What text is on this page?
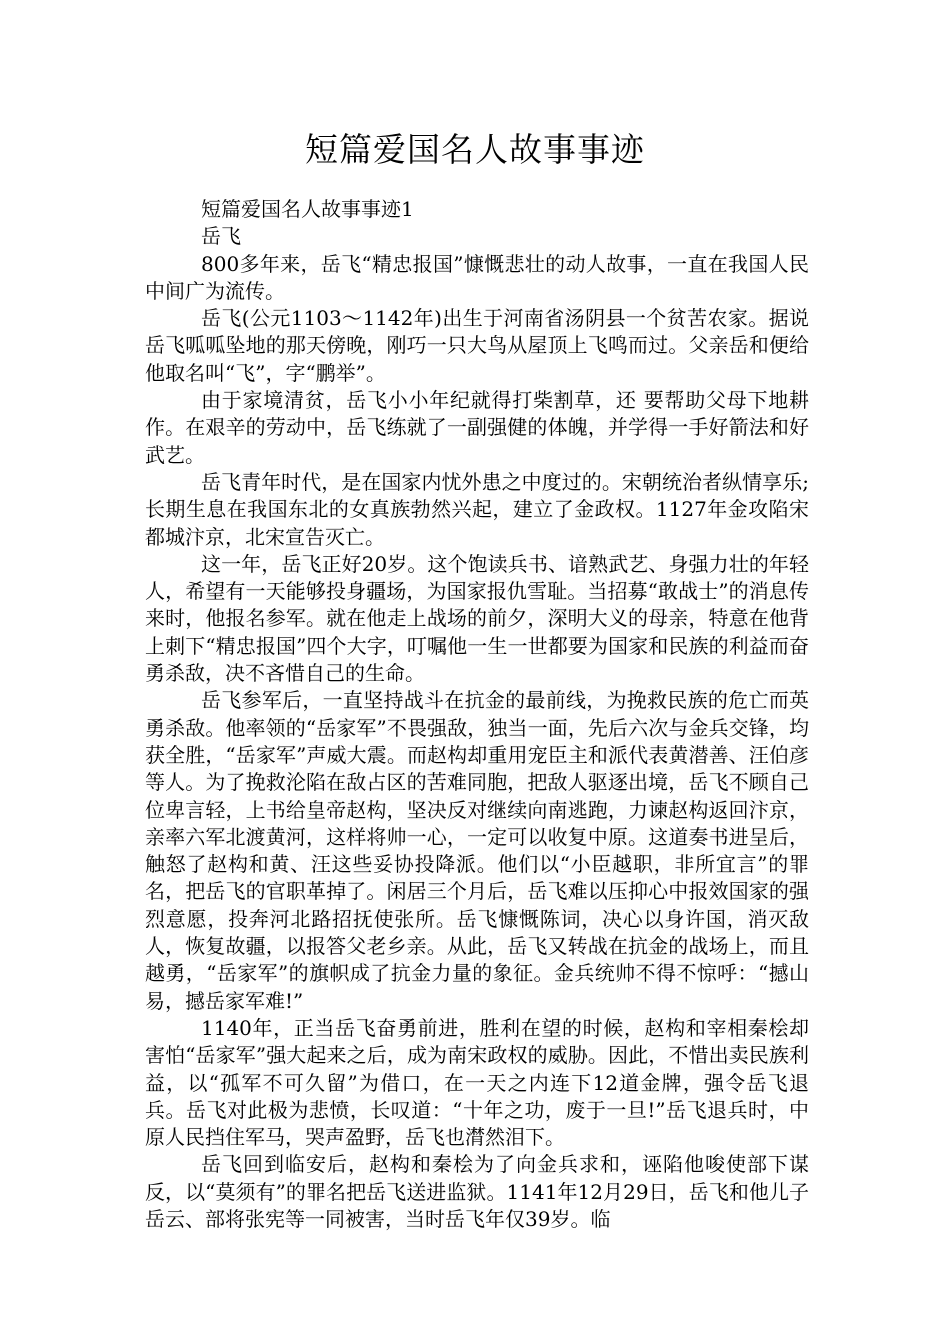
短篇爱国名人故事事迹

短篇爱国名人故事事迹1

岳飞

800多年来，岳飞“精忠报国”慷慨悲壮的动人故事，一直在我国人民中间广为流传。

岳飞(公元1103～1142年)出生于河南省汤阴县一个贫苦农家。据说岳飞呱呱坠地的那天傍晚，刚巧一只大鸟从屋顶上飞鸣而过。父亲岳和便给他取名叫“飞”，字“鹏举”。

由于家境清贫，岳飞小小年纪就得打柴割草，还 要帮助父母下地耕作。在艰辛的劳动中，岳飞练就了一副强健的体魄，并学得一手好箭法和好武艺。

岳飞青年时代，是在国家内忧外患之中度过的。宋朝统治者纵情享乐;长期生息在我国东北的女真族勃然兴起，建立了金政权。1127年金攻陷宋都城汴京，北宋宣告灭亡。

这一年，岳飞正好20岁。这个饱读兵书、谙熟武艺、身强力壮的年轻人，希望有一天能够投身疆场，为国家报仇雪耻。当招募“敢战士”的消息传来时，他报名参军。就在他走上战场的前夕，深明大义的母亲，特意在他背上刺下“精忠报国”四个大字，叮嘱他一生一世都要为国家和民族的利益而奋勇杀敌，决不吝惜自己的生命。

岳飞参军后，一直坚持战斗在抗金的最前线，为挽救民族的危亡而英勇杀敌。他率领的“岳家军”不畏强敌，独当一面，先后六次与金兵交锋，均获全胜，“岳家军”声威大震。而赵构却重用宠臣主和派代表黄潜善、汪伯彦等人。为了挽救沦陷在敌占区的苦难同胞，把敌人驱逐出境，岳飞不顾自己位卑言轻，上书给皇帝赵构，坚决反对继续向南逃跑，力谏赵构返回汴京，亲率六军北渡黄河，这样将帅一心，一定可以收复中原。这道奏书进呈后，触怒了赵构和黄、汪这些妥协投降派。他们以“小臣越职，非所宜言”的罪名，把岳飞的官职革掉了。闲居三个月后，岳飞难以压抑心中报效国家的强烈意愿，投奔河北路招抚使张所。岳飞慷慨陈词，决心以身许国，消灭敌人，恢复故疆，以报答父老乡亲。从此，岳飞又转战在抗金的战场上，而且越勇，“岳家军”的旗帜成了抗金力量的象征。金兵统帅不得不惊呼：“撼山易，撼岳家军难!”

1140年，正当岳飞奋勇前进，胜利在望的时候，赵构和宰相秦桧却害怕“岳家军”强大起来之后，成为南宋政权的威胁。因此，不惜出卖民族利益，以“孤军不可久留”为借口，在一天之内连下12道金牌，强令岳飞退兵。岳飞对此极为悲愤，长叹道：“十年之功，废于一旦!”岳飞退兵时，中原人民挡住军马，哭声盈野，岳飞也潸然泪下。

岳飞回到临安后，赵构和秦桧为了向金兵求和，诬陷他唆使部下谋反，以“莫须有”的罪名把岳飞送进监狱。1141年12月29日，岳飞和他儿子岳云、部将张宪等一同被害，当时岳飞年仅39岁。临
